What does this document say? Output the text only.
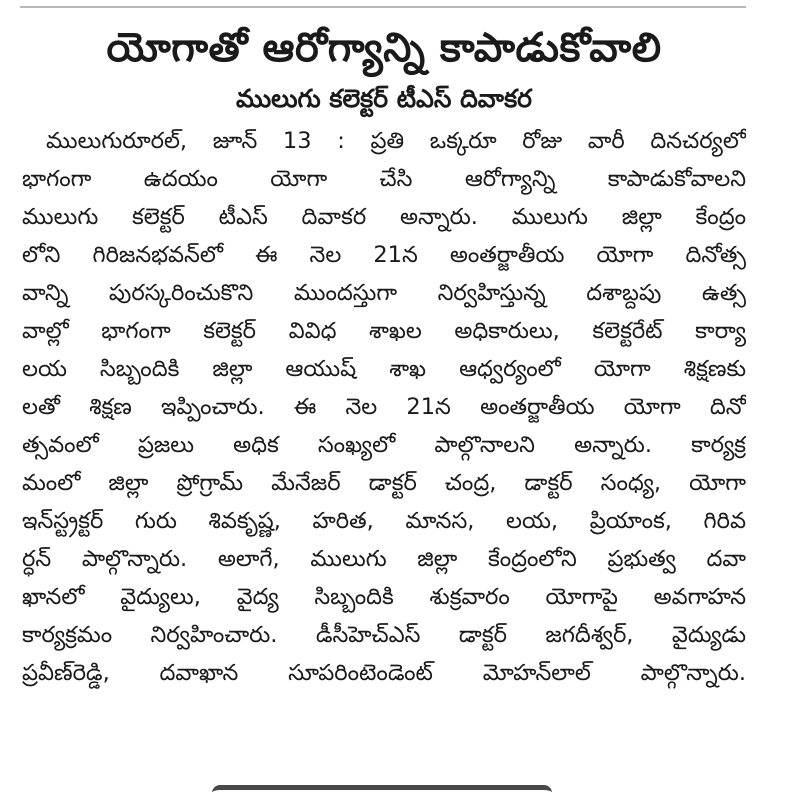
యోగాతో ఆరోగ్యాన్ని కాపాడుకోవాలి
ములుగు కలెక్టర్ టీఎస్ దివాకర
ములుగురూరల్, జూన్ 13 : ప్రతి ఒక్కరూ రోజు వారీ దినచర్యలో
భాగంగా ఉదయం యోగా చేసి ఆరోగ్యాన్ని కాపాడుకోవాలని
ములుగు కలెక్టర్ టీఎస్ దివాకర అన్నారు. ములుగు జిల్లా కేంద్రం
లోని గిరిజనభవన్‌లో ఈ నెల 21న అంతర్జాతీయ యోగా దినోత్స
వాన్ని పురస్కరించుకొని ముందస్తుగా నిర్వహిస్తున్న దశాబ్దపు ఉత్స
వాల్లో భాగంగా కలెక్టర్ వివిధ శాఖల అధికారులు, కలెక్టరేట్ కార్యా
లయ సిబ్బందికి జిల్లా ఆయుష్ శాఖ ఆధ్వర్యంలో యోగా శిక్షణకు
లతో శిక్షణ ఇప్పించారు. ఈ నెల 21న అంతర్జాతీయ యోగా దినో
త్సవంలో ప్రజలు అధిక సంఖ్యలో పాల్గొనాలని అన్నారు. కార్యక్ర
మంలో జిల్లా ప్రోగ్రామ్ మేనేజర్ డాక్టర్ చంద్ర, డాక్టర్ సంధ్య, యోగా
ఇన్‌స్ట్రక్టర్ గురు శివకృష్ణ, హరిత, మానస, లయ, ప్రియాంక, గిరివ
ర్ధన్ పాల్గొన్నారు. అలాగే, ములుగు జిల్లా కేంద్రంలోని ప్రభుత్వ దవా
ఖానలో వైద్యులు, వైద్య సిబ్బందికి శుక్రవారం యోగాపై అవగాహన
కార్యక్రమం నిర్వహించారు. డీసీహెచ్ఎస్ డాక్టర్ జగదీశ్వర్, వైద్యుడు
ప్రవీణ్‌రెడ్డి, దవాఖాన సూపరింటెండెంట్ మోహన్‌లాల్ పాల్గొన్నారు.
